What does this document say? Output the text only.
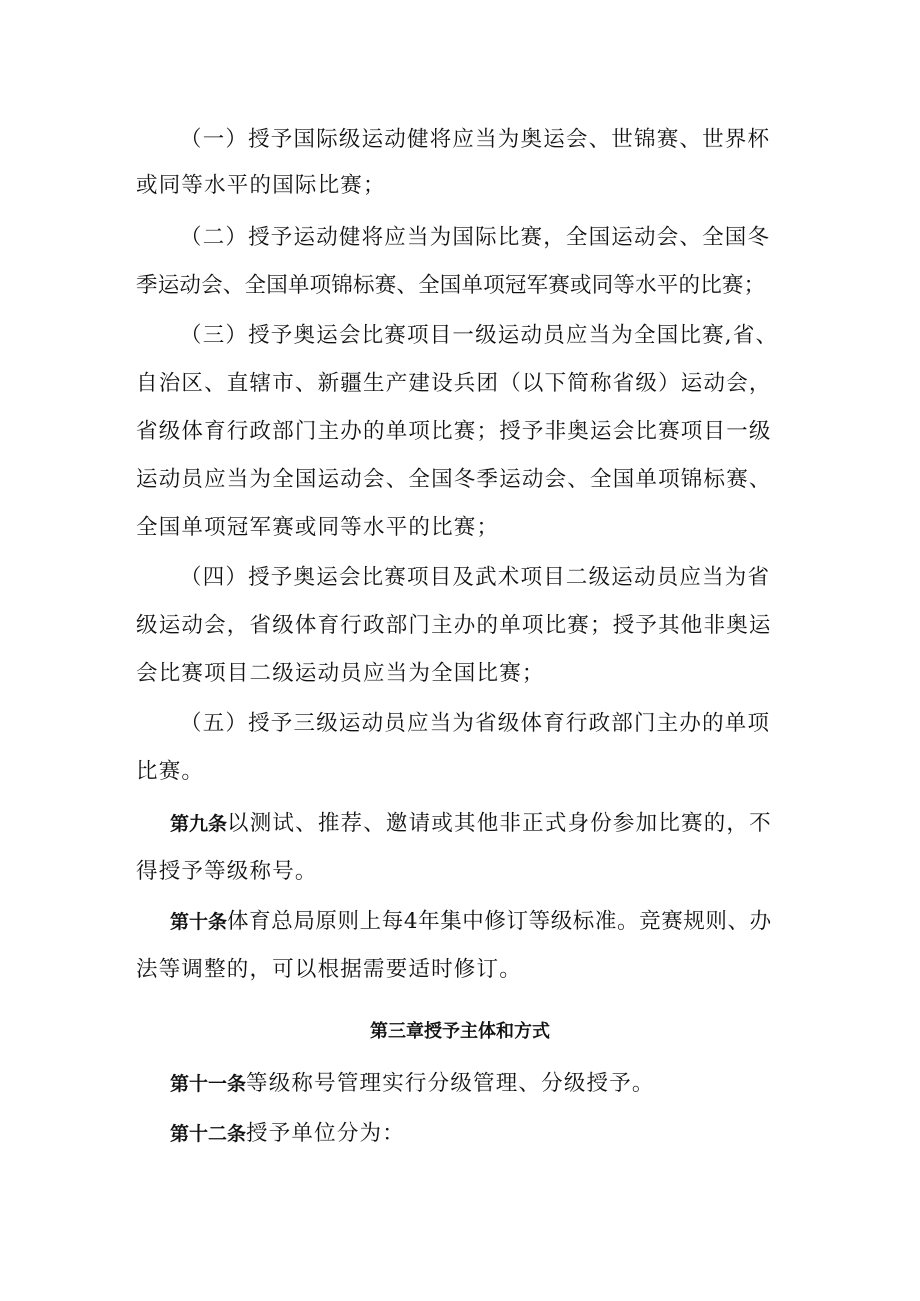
（一）授予国际级运动健将应当为奥运会、世锦赛、世界杯
或同等水平的国际比赛；
（二）授予运动健将应当为国际比赛，全国运动会、全国冬
季运动会、全国单项锦标赛、全国单项冠军赛或同等水平的比赛；
（三）授予奥运会比赛项目一级运动员应当为全国比赛,省、
自治区、直辖市、新疆生产建设兵团（以下简称省级）运动会，
省级体育行政部门主办的单项比赛；授予非奥运会比赛项目一级
运动员应当为全国运动会、全国冬季运动会、全国单项锦标赛、
全国单项冠军赛或同等水平的比赛；
（四）授予奥运会比赛项目及武术项目二级运动员应当为省
级运动会，省级体育行政部门主办的单项比赛；授予其他非奥运
会比赛项目二级运动员应当为全国比赛；
（五）授予三级运动员应当为省级体育行政部门主办的单项
比赛。
第九条以测试、推荐、邀请或其他非正式身份参加比赛的，不
得授予等级称号。
第十条体育总局原则上每4年集中修订等级标准。竞赛规则、办
法等调整的，可以根据需要适时修订。
第三章授予主体和方式
第十一条等级称号管理实行分级管理、分级授予。
第十二条授予单位分为：
